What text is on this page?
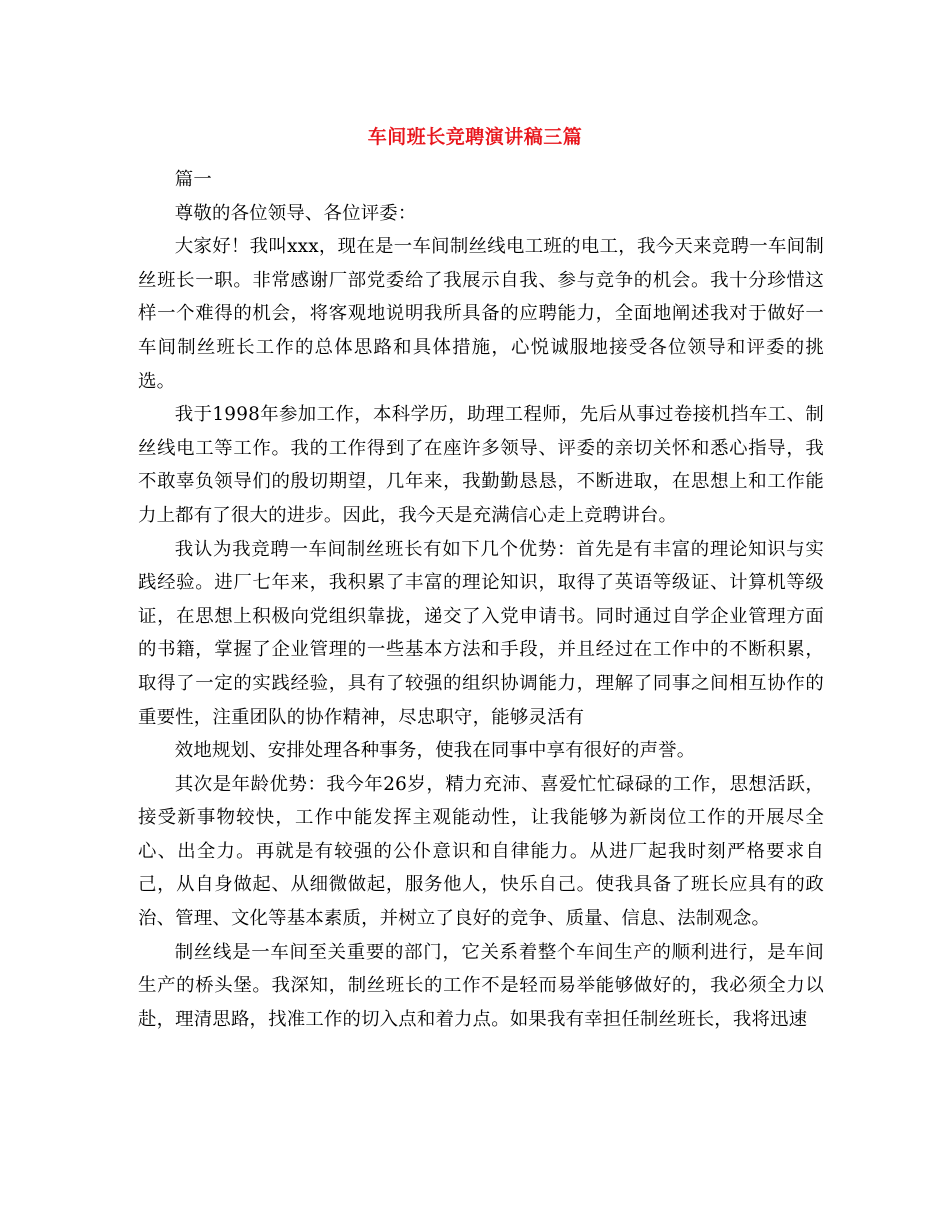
车间班长竞聘演讲稿三篇

篇一

尊敬的各位领导、各位评委：

大家好！我叫xxx，现在是一车间制丝线电工班的电工，我今天来竞聘一车间制丝班长一职。非常感谢厂部党委给了我展示自我、参与竞争的机会。我十分珍惜这样一个难得的机会，将客观地说明我所具备的应聘能力，全面地阐述我对于做好一车间制丝班长工作的总体思路和具体措施，心悦诚服地接受各位领导和评委的挑选。

我于1998年参加工作，本科学历，助理工程师，先后从事过卷接机挡车工、制丝线电工等工作。我的工作得到了在座许多领导、评委的亲切关怀和悉心指导，我不敢辜负领导们的殷切期望，几年来，我勤勤恳恳，不断进取，在思想上和工作能力上都有了很大的进步。因此，我今天是充满信心走上竞聘讲台。

我认为我竞聘一车间制丝班长有如下几个优势：首先是有丰富的理论知识与实践经验。进厂七年来，我积累了丰富的理论知识，取得了英语等级证、计算机等级证，在思想上积极向党组织靠拢，递交了入党申请书。同时通过自学企业管理方面的书籍，掌握了企业管理的一些基本方法和手段，并且经过在工作中的不断积累，取得了一定的实践经验，具有了较强的组织协调能力，理解了同事之间相互协作的重要性，注重团队的协作精神，尽忠职守，能够灵活有

效地规划、安排处理各种事务，使我在同事中享有很好的声誉。

其次是年龄优势：我今年26岁，精力充沛、喜爱忙忙碌碌的工作，思想活跃，接受新事物较快，工作中能发挥主观能动性，让我能够为新岗位工作的开展尽全心、出全力。再就是有较强的公仆意识和自律能力。从进厂起我时刻严格要求自己，从自身做起、从细微做起，服务他人，快乐自己。使我具备了班长应具有的政治、管理、文化等基本素质，并树立了良好的竞争、质量、信息、法制观念。

制丝线是一车间至关重要的部门，它关系着整个车间生产的顺利进行，是车间生产的桥头堡。我深知，制丝班长的工作不是轻而易举能够做好的，我必须全力以赴，理清思路，找准工作的切入点和着力点。如果我有幸担任制丝班长，我将迅速
